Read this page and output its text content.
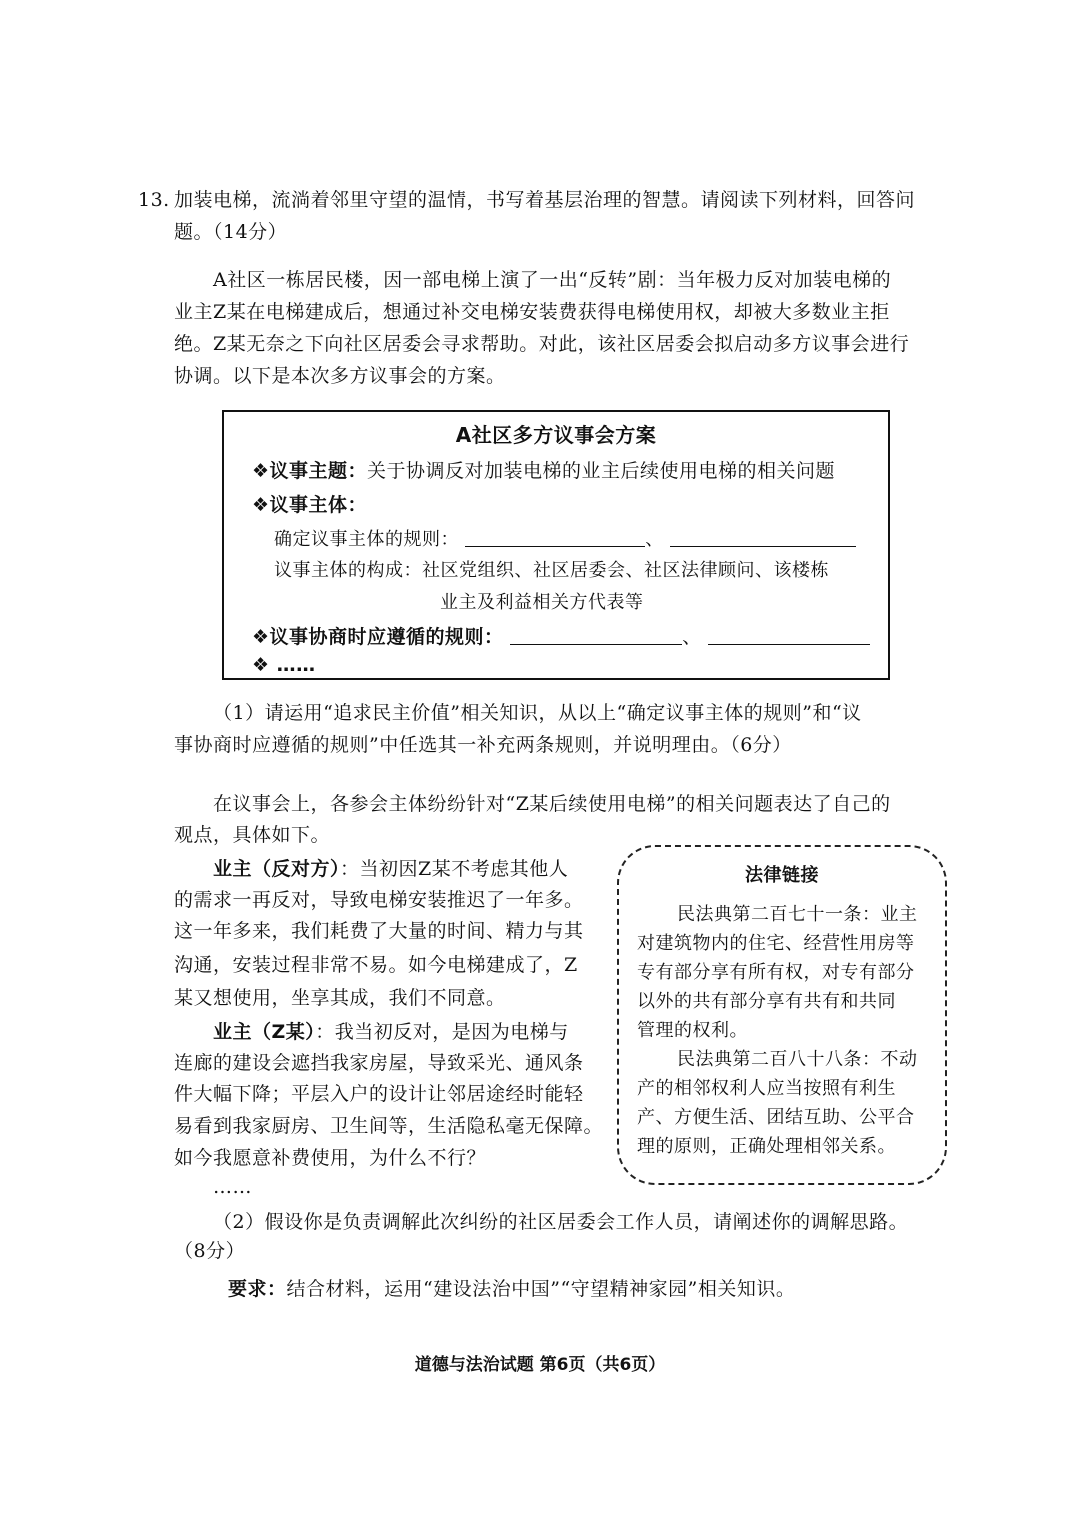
13. 加装电梯，流淌着邻里守望的温情，书写着基层治理的智慧。请阅读下列材料，回答问
题。（14分）
A社区一栋居民楼，因一部电梯上演了一出“反转”剧：当年极力反对加装电梯的
业主Z某在电梯建成后，想通过补交电梯安装费获得电梯使用权，却被大多数业主拒
绝。Z某无奈之下向社区居委会寻求帮助。对此，该社区居委会拟启动多方议事会进行
协调。以下是本次多方议事会的方案。
A社区多方议事会方案
❖议事主题：关于协调反对加装电梯的业主后续使用电梯的相关问题
❖议事主体：
确定议事主体的规则：	、
议事主体的构成：社区党组织、社区居委会、社区法律顾问、该楼栋
业主及利益相关方代表等
❖议事协商时应遵循的规则：	、
❖ ……
（1）请运用“追求民主价值”相关知识，从以上“确定议事主体的规则”和“议
事协商时应遵循的规则”中任选其一补充两条规则，并说明理由。（6分）
在议事会上，各参会主体纷纷针对“Z某后续使用电梯”的相关问题表达了自己的
观点，具体如下。
业主（反对方）：当初因Z某不考虑其他人
的需求一再反对，导致电梯安装推迟了一年多。
这一年多来，我们耗费了大量的时间、精力与其
沟通，安装过程非常不易。如今电梯建成了，Z
某又想使用，坐享其成，我们不同意。
业主（Z某）：我当初反对，是因为电梯与
连廊的建设会遮挡我家房屋，导致采光、通风条
件大幅下降；平层入户的设计让邻居途经时能轻
易看到我家厨房、卫生间等，生活隐私毫无保障。
如今我愿意补费使用，为什么不行？
……
法律链接
民法典第二百七十一条：业主
对建筑物内的住宅、经营性用房等
专有部分享有所有权，对专有部分
以外的共有部分享有共有和共同
管理的权利。
民法典第二百八十八条：不动
产的相邻权利人应当按照有利生
产、方便生活、团结互助、公平合
理的原则，正确处理相邻关系。
（2）假设你是负责调解此次纠纷的社区居委会工作人员，请阐述你的调解思路。
（8分）
要求：结合材料，运用“建设法治中国”“守望精神家园”相关知识。
道德与法治试题 第6页（共6页）
